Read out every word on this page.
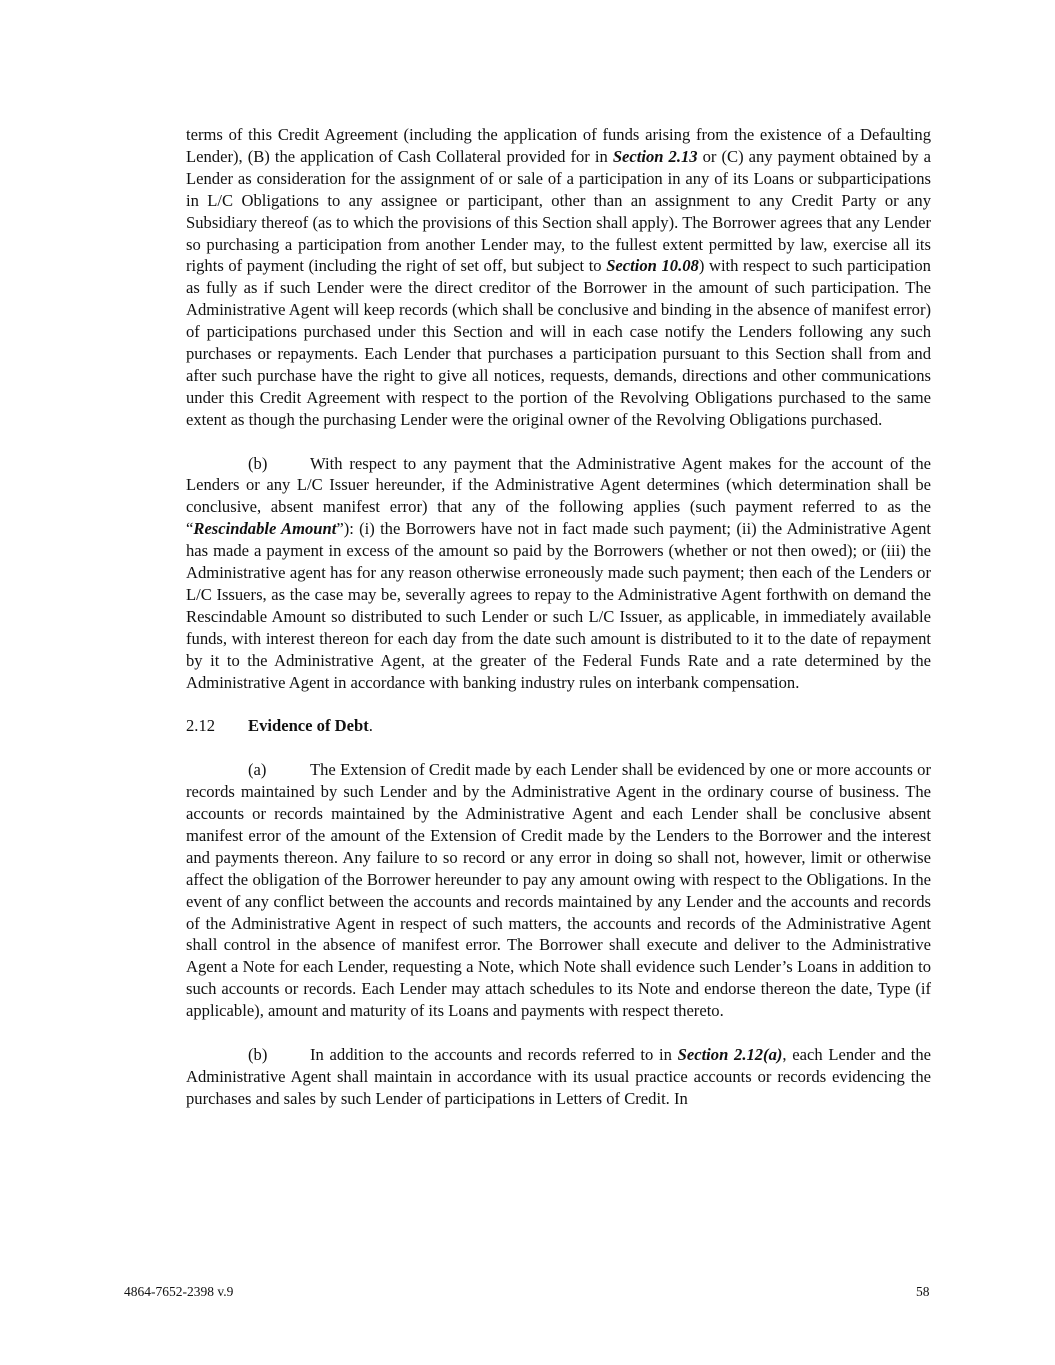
terms of this Credit Agreement (including the application of funds arising from the existence of a Defaulting Lender), (B) the application of Cash Collateral provided for in Section 2.13 or (C) any payment obtained by a Lender as consideration for the assignment of or sale of a participation in any of its Loans or subparticipations in L/C Obligations to any assignee or participant, other than an assignment to any Credit Party or any Subsidiary thereof (as to which the provisions of this Section shall apply). The Borrower agrees that any Lender so purchasing a participation from another Lender may, to the fullest extent permitted by law, exercise all its rights of payment (including the right of set off, but subject to Section 10.08) with respect to such participation as fully as if such Lender were the direct creditor of the Borrower in the amount of such participation. The Administrative Agent will keep records (which shall be conclusive and binding in the absence of manifest error) of participations purchased under this Section and will in each case notify the Lenders following any such purchases or repayments. Each Lender that purchases a participation pursuant to this Section shall from and after such purchase have the right to give all notices, requests, demands, directions and other communications under this Credit Agreement with respect to the portion of the Revolving Obligations purchased to the same extent as though the purchasing Lender were the original owner of the Revolving Obligations purchased.

(b)	With respect to any payment that the Administrative Agent makes for the account of the Lenders or any L/C Issuer hereunder, if the Administrative Agent determines (which determination shall be conclusive, absent manifest error) that any of the following applies (such payment referred to as the “Rescindable Amount”): (i) the Borrowers have not in fact made such payment; (ii) the Administrative Agent has made a payment in excess of the amount so paid by the Borrowers (whether or not then owed); or (iii) the Administrative agent has for any reason otherwise erroneously made such payment; then each of the Lenders or L/C Issuers, as the case may be, severally agrees to repay to the Administrative Agent forthwith on demand the Rescindable Amount so distributed to such Lender or such L/C Issuer, as applicable, in immediately available funds, with interest thereon for each day from the date such amount is distributed to it to the date of repayment by it to the Administrative Agent, at the greater of the Federal Funds Rate and a rate determined by the Administrative Agent in accordance with banking industry rules on interbank compensation.

2.12 Evidence of Debt.

(a)	The Extension of Credit made by each Lender shall be evidenced by one or more accounts or records maintained by such Lender and by the Administrative Agent in the ordinary course of business. The accounts or records maintained by the Administrative Agent and each Lender shall be conclusive absent manifest error of the amount of the Extension of Credit made by the Lenders to the Borrower and the interest and payments thereon. Any failure to so record or any error in doing so shall not, however, limit or otherwise affect the obligation of the Borrower hereunder to pay any amount owing with respect to the Obligations. In the event of any conflict between the accounts and records maintained by any Lender and the accounts and records of the Administrative Agent in respect of such matters, the accounts and records of the Administrative Agent shall control in the absence of manifest error. The Borrower shall execute and deliver to the Administrative Agent a Note for each Lender, requesting a Note, which Note shall evidence such Lender’s Loans in addition to such accounts or records. Each Lender may attach schedules to its Note and endorse thereon the date, Type (if applicable), amount and maturity of its Loans and payments with respect thereto.

(b)	In addition to the accounts and records referred to in Section 2.12(a), each Lender and the Administrative Agent shall maintain in accordance with its usual practice accounts or records evidencing the purchases and sales by such Lender of participations in Letters of Credit. In

4864-7652-2398 v.9	58
